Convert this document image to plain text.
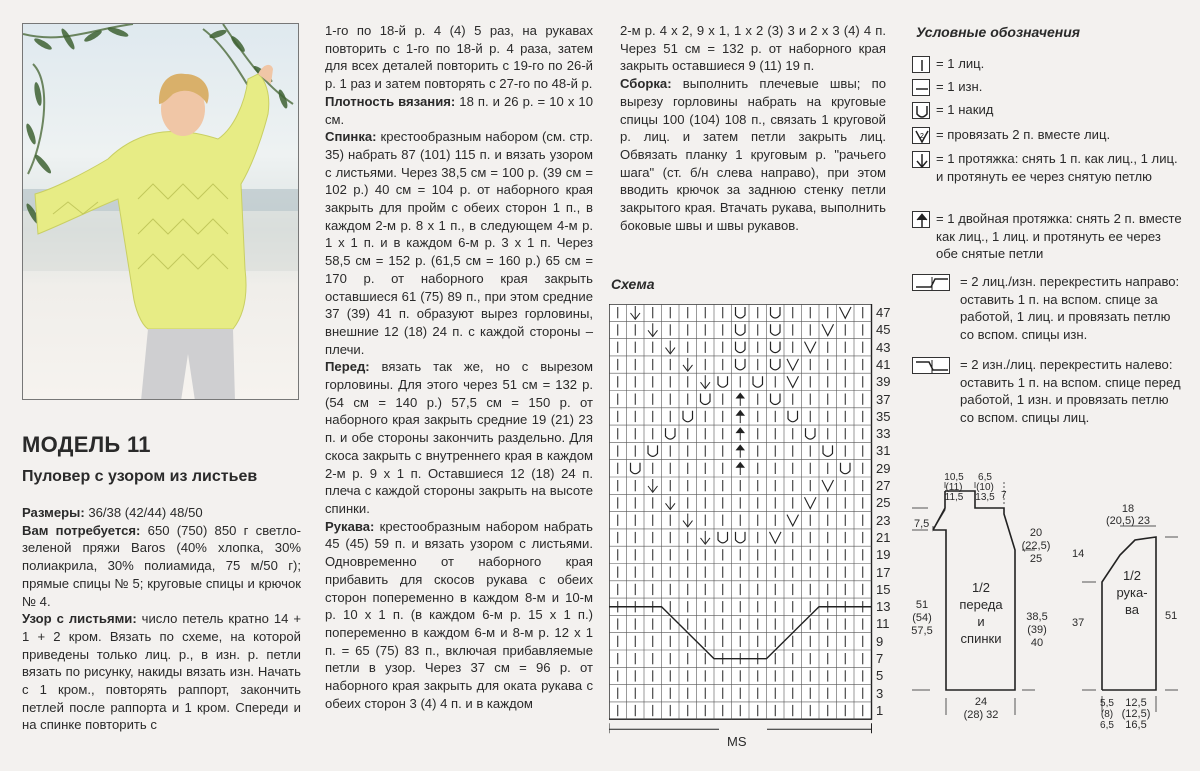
МОДЕЛЬ 11
Пуловер с узором из листьев

Размеры: 36/38 (42/44) 48/50

Вам потребуется: 650 (750) 850 г светло-зеленой пряжи Baros (40% хлопка, 30% полиакрила, 30% полиамида, 75 м/50 г); прямые спицы № 5; круговые спицы и крючок № 4.

Узор с листьями: число петель кратно 14 + 1 + 2 кром. Вязать по схеме, на которой приведены только лиц. р., в изн. р. петли вязать по рисунку, накиды вязать изн. Начать с 1 кром., повторять раппорт, закончить петлей после раппорта и 1 кром. Спереди и на спинке повторить с

1-го по 18-й р. 4 (4) 5 раз, на рукавах повторить с 1-го по 18-й р. 4 раза, затем для всех деталей повторить с 19-го по 26-й р. 1 раз и затем повторять с 27-го по 48-й р.

Плотность вязания: 18 п. и 26 р. = 10 х 10 см.

Спинка: крестообразным набором (см. стр. 35) набрать 87 (101) 115 п. и вязать узором с листьями. Через 38,5 см = 100 р. (39 см = 102 р.) 40 см = 104 р. от наборного края закрыть для пройм с обеих сторон 1 п., в каждом 2-м р. 8 х 1 п., в следующем 4-м р. 1 х 1 п. и в каждом 6-м р. 3 х 1 п. Через 58,5 см = 152 р. (61,5 см = 160 р.) 65 см = 170 р. от наборного края закрыть оставшиеся 61 (75) 89 п., при этом средние 37 (39) 41 п. образуют вырез горловины, внешние 12 (18) 24 п. с каждой стороны – плечи.

Перед: вязать так же, но с вырезом горловины. Для этого через 51 см = 132 р. (54 см = 140 р.) 57,5 см = 150 р. от наборного края закрыть средние 19 (21) 23 п. и обе стороны закончить раздельно. Для скоса закрыть с внутреннего края в каждом 2-м р. 9 х 1 п. Оставшиеся 12 (18) 24 п. плеча с каждой стороны закрыть на высоте спинки.

Рукава: крестообразным набором набрать 45 (45) 59 п. и вязать узором с листьями. Одновременно от наборного края прибавить для скосов рукава с обеих сторон попеременно в каждом 8-м и 10-м р. 10 х 1 п. (в каждом 6-м р. 15 х 1 п.) попеременно в каждом 6-м и 8-м р. 12 х 1 п. = 65 (75) 83 п., включая прибавляемые петли в узор. Через 37 см = 96 р. от наборного края закрыть для оката рукава с обеих сторон 3 (4) 4 п. и в каждом

2-м р. 4 х 2, 9 х 1, 1 х 2 (3) 3 и 2 х 3 (4) 4 п. Через 51 см = 132 р. от наборного края закрыть оставшиеся 9 (11) 19 п.

Сборка: выполнить плечевые швы; по вырезу горловины набрать на круговые спицы 100 (104) 108 п., связать 1 круговой р. лиц. и затем петли закрыть лиц. Обвязать планку 1 круговым р. "рачьего шага" (ст. б/н слева направо), при этом вводить крючок за заднюю стенку петли закрытого края. Втачать рукава, выполнить боковые швы и швы рукавов.

Условные обозначения
= 1 лиц.
= 1 изн.
= 1 накид
2 = провязать 2 п. вместе лиц.
= 1 протяжка: снять 1 п. как лиц., 1 лиц. и протянуть ее через снятую петлю
= 1 двойная протяжка: снять 2 п. вместе как лиц., 1 лиц. и протянуть ее через обе снятые петли
= 2 лиц./изн. перекрестить направо: оставить 1 п. на вспом. спице за работой, 1 лиц. и провязать петлю со вспом. спицы изн.
= 2 изн./лиц. перекрестить налево: оставить 1 п. на вспом. спице перед работой, 1 изн. и провязать петлю со вспом. спицы лиц.
Схема
47
45
43
41
39
37
35
33
31
29
27
25
23
21
19
17
15
13
11
9
7
5
3
1
MS
10,5
(11)
11,5
6,5
(10)
13,5 7
7,5
20
(22,5)
25
51
(54)
57,5
38,5
(39)
40
1/2
переда
и
спинки
24
(28) 32
18
(20,5) 23
14
37
51
1/2
рука-
ва
5,5
(8)
6,5
12,5
(12,5)
16,5
